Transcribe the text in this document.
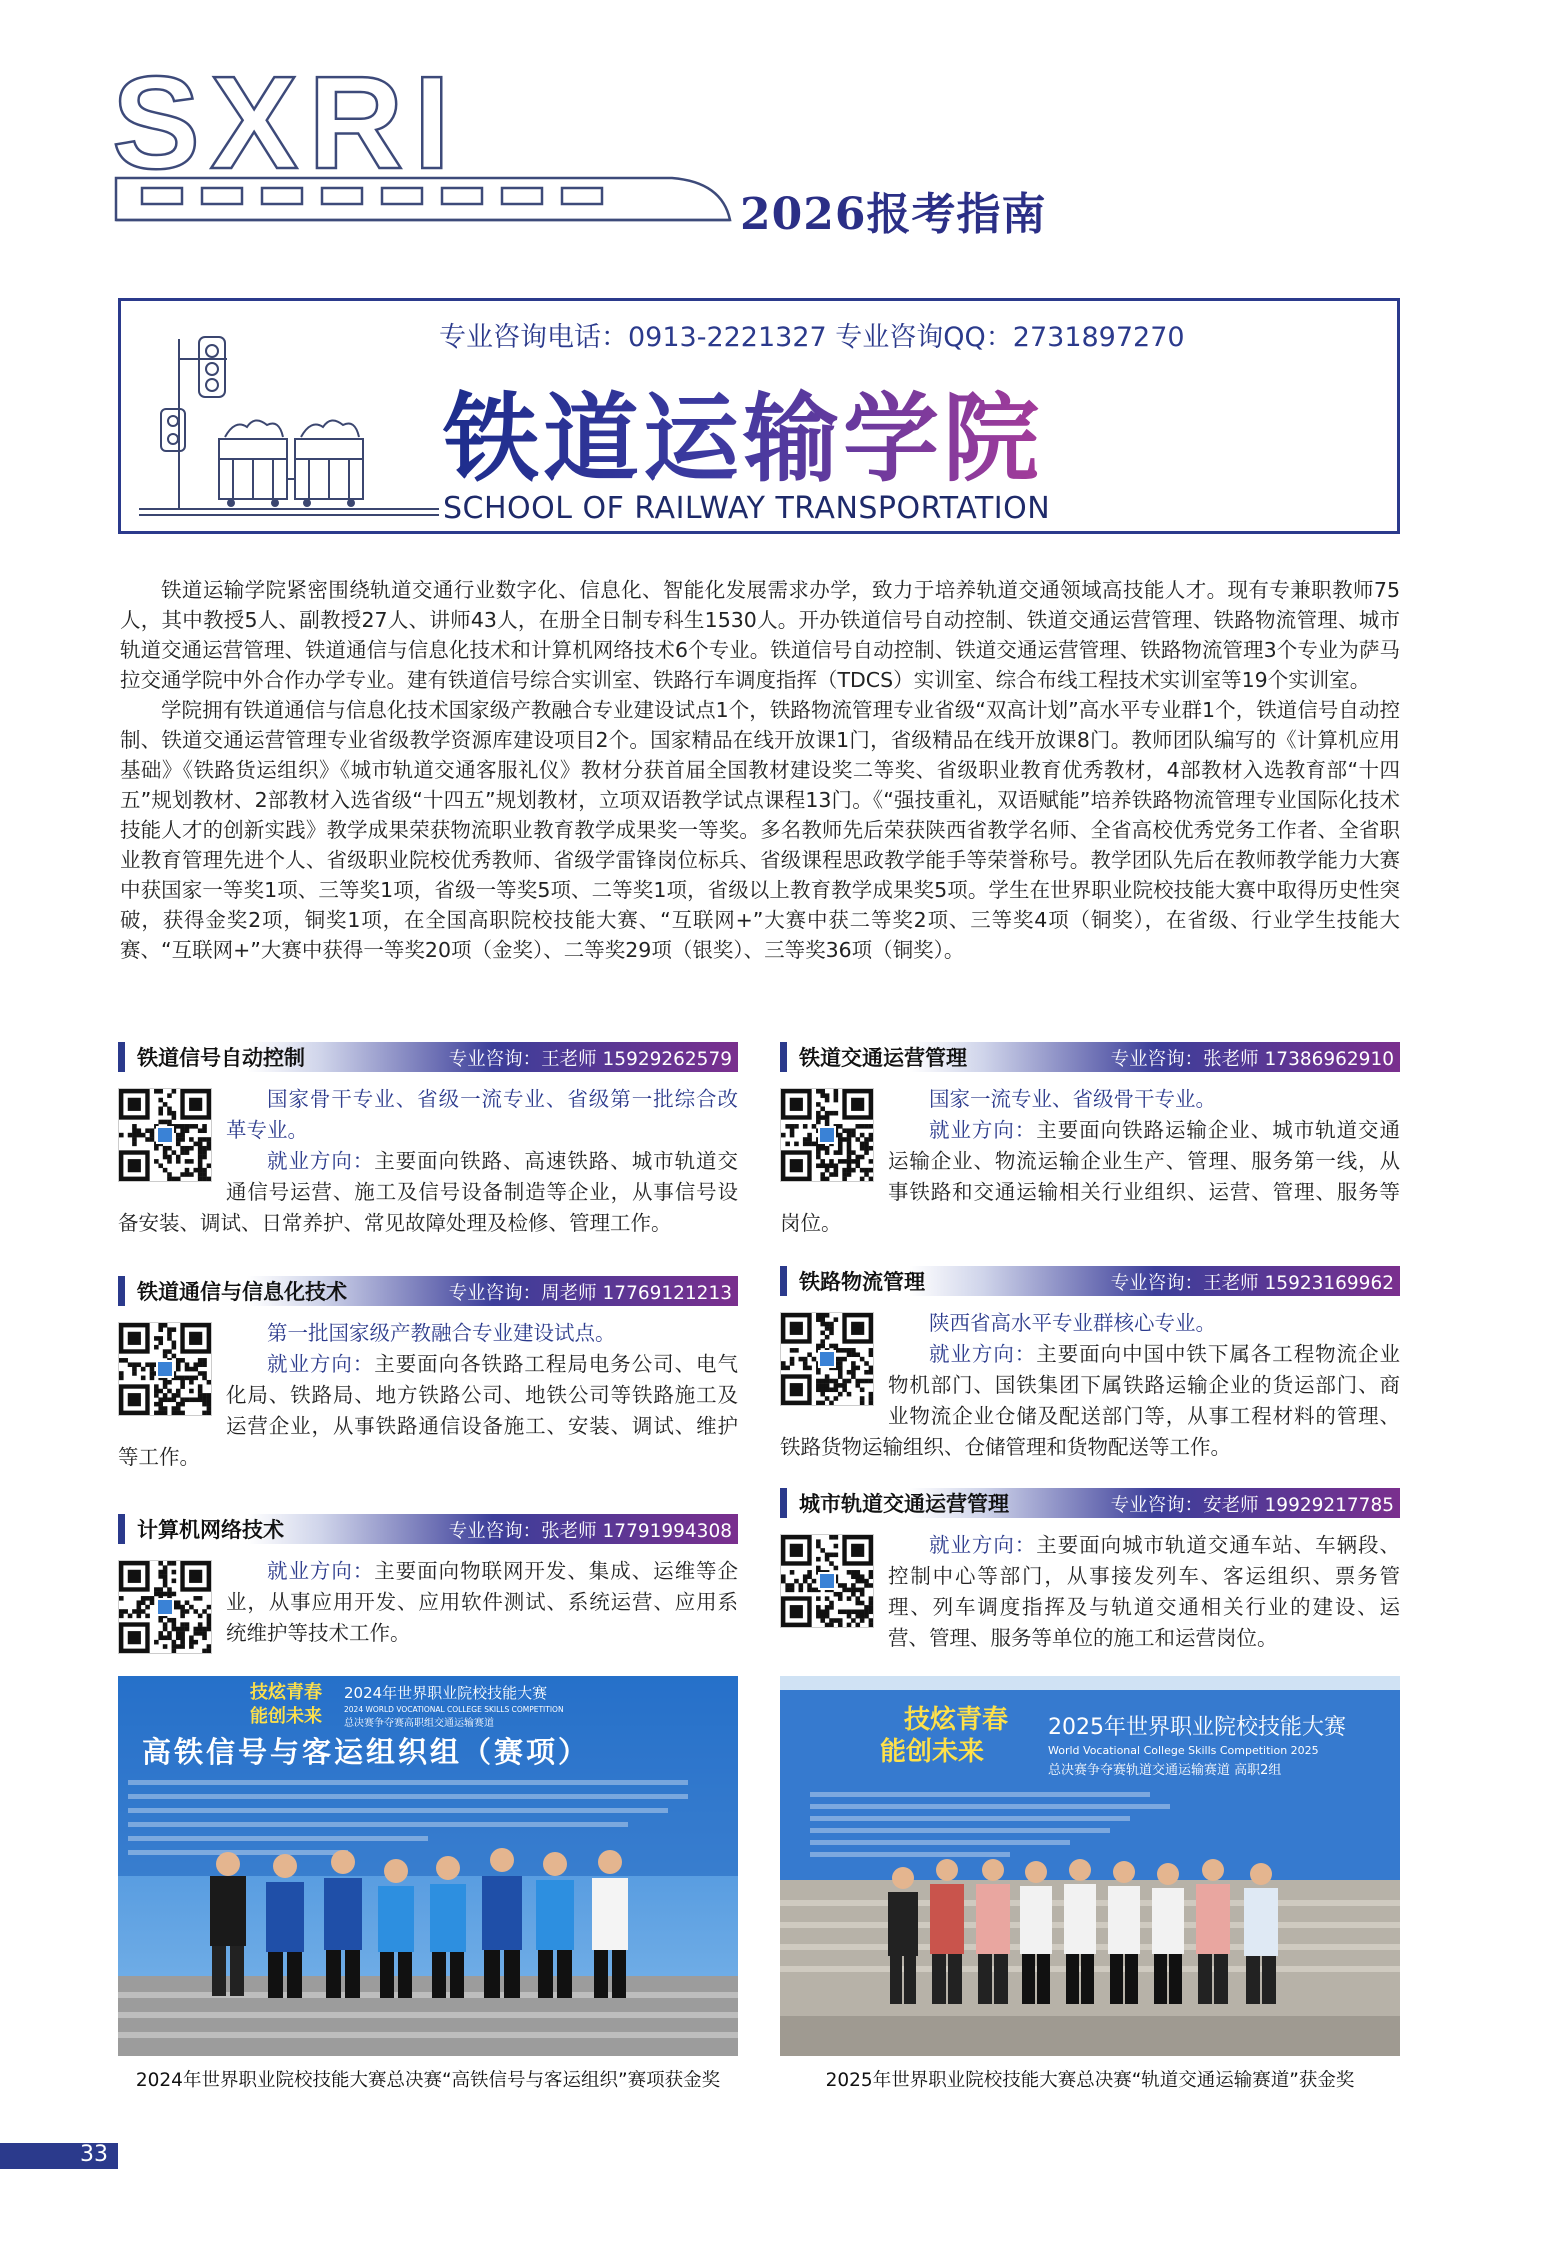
SXRI
2026报考指南
专业咨询电话：0913-2221327 专业咨询QQ：2731897270
铁道运输学院
SCHOOL OF RAILWAY TRANSPORTATION

铁道运输学院紧密围绕轨道交通行业数字化、信息化、智能化发展需求办学，致力于培养轨道交通领域高技能人才。现有专兼职教师75人，其中教授5人、副教授27人、讲师43人，在册全日制专科生1530人。开办铁道信号自动控制、铁道交通运营管理、铁路物流管理、城市轨道交通运营管理、铁道通信与信息化技术和计算机网络技术6个专业。铁道信号自动控制、铁道交通运营管理、铁路物流管理3个专业为萨马拉交通学院中外合作办学专业。建有铁道信号综合实训室、铁路行车调度指挥（TDCS）实训室、综合布线工程技术实训室等19个实训室。

学院拥有铁道通信与信息化技术国家级产教融合专业建设试点1个，铁路物流管理专业省级“双高计划”高水平专业群1个，铁道信号自动控制、铁道交通运营管理专业省级教学资源库建设项目2个。国家精品在线开放课1门，省级精品在线开放课8门。教师团队编写的《计算机应用基础》《铁路货运组织》《城市轨道交通客服礼仪》教材分获首届全国教材建设奖二等奖、省级职业教育优秀教材，4部教材入选教育部“十四五”规划教材、2部教材入选省级“十四五”规划教材，立项双语教学试点课程13门。《“强技重礼，双语赋能”培养铁路物流管理专业国际化技术技能人才的创新实践》教学成果荣获物流职业教育教学成果奖一等奖。多名教师先后荣获陕西省教学名师、全省高校优秀党务工作者、全省职业教育管理先进个人、省级职业院校优秀教师、省级学雷锋岗位标兵、省级课程思政教学能手等荣誉称号。教学团队先后在教师教学能力大赛中获国家一等奖1项、三等奖1项，省级一等奖5项、二等奖1项，省级以上教育教学成果奖5项。学生在世界职业院校技能大赛中取得历史性突破，获得金奖2项，铜奖1项，在全国高职院校技能大赛、“互联网+”大赛中获二等奖2项、三等奖4项（铜奖），在省级、行业学生技能大赛、“互联网+”大赛中获得一等奖20项（金奖）、二等奖29项（银奖）、三等奖36项（铜奖）。

铁道信号自动控制	专业咨询：王老师 15929262579
国家骨干专业、省级一流专业、省级第一批综合改革专业。
就业方向：主要面向铁路、高速铁路、城市轨道交通信号运营、施工及信号设备制造等企业，从事信号设备安装、调试、日常养护、常见故障处理及检修、管理工作。
铁道通信与信息化技术	专业咨询：周老师 17769121213
第一批国家级产教融合专业建设试点。
就业方向：主要面向各铁路工程局电务公司、电气化局、铁路局、地方铁路公司、地铁公司等铁路施工及运营企业，从事铁路通信设备施工、安装、调试、维护等工作。
计算机网络技术	专业咨询：张老师 17791994308
就业方向：主要面向物联网开发、集成、运维等企业，从事应用开发、应用软件测试、系统运营、应用系统维护等技术工作。
铁道交通运营管理	专业咨询：张老师 17386962910
国家一流专业、省级骨干专业。
就业方向：主要面向铁路运输企业、城市轨道交通运输企业、物流运输企业生产、管理、服务第一线，从事铁路和交通运输相关行业组织、运营、管理、服务等岗位。
铁路物流管理	专业咨询：王老师 15923169962
陕西省高水平专业群核心专业。
就业方向：主要面向中国中铁下属各工程物流企业物机部门、国铁集团下属铁路运输企业的货运部门、商业物流企业仓储及配送部门等，从事工程材料的管理、铁路货物运输组织、仓储管理和货物配送等工作。
城市轨道交通运营管理	专业咨询：安老师 19929217785
就业方向：主要面向城市轨道交通车站、车辆段、控制中心等部门，从事接发列车、客运组织、票务管理、列车调度指挥及与轨道交通相关行业的建设、运营、管理、服务等单位的施工和运营岗位。
技炫青春
能创未来
2024年世界职业院校技能大赛
2024 WORLD VOCATIONAL COLLEGE SKILLS COMPETITION
总决赛争夺赛高职组交通运输赛道
高铁信号与客运组织组（赛项）
2024年世界职业院校技能大赛总决赛“高铁信号与客运组织”赛项获金奖
技炫青春
能创未来
2025年世界职业院校技能大赛
World Vocational College Skills Competition 2025
总决赛争夺赛轨道交通运输赛道 高职2组
2025年世界职业院校技能大赛总决赛“轨道交通运输赛道”获金奖
33
